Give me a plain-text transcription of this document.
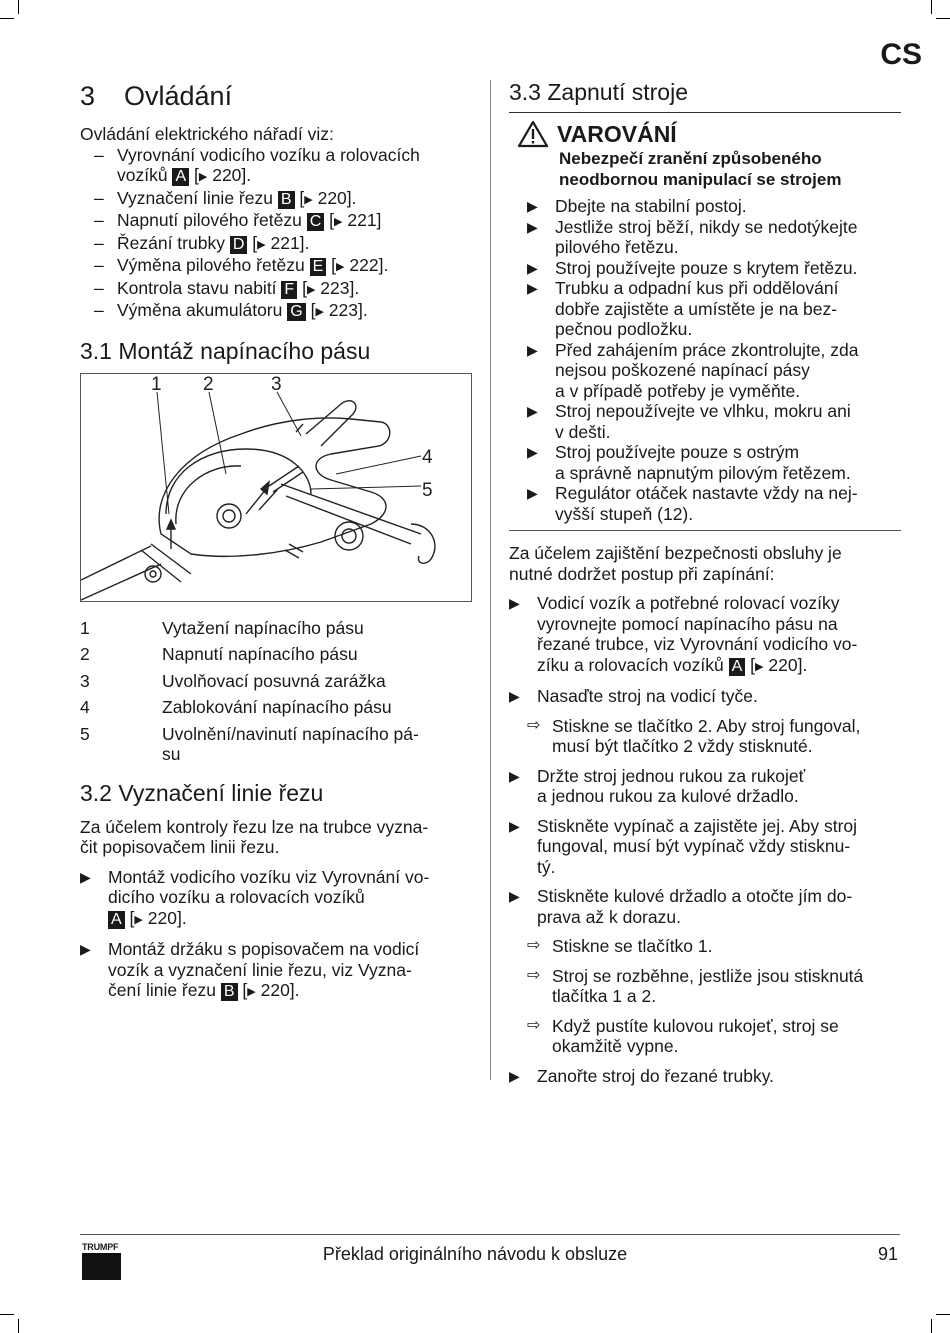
CS
3 Ovládání

Ovládání elektrického nářadí viz:

– Vyrovnání vodicího vozíku a rolovacích
vozíků A [▶ 220].
– Vyznačení linie řezu B [▶ 220].
– Napnutí pilového řetězu C [▶ 221]
– Řezání trubky D [▶ 221].
– Výměna pilového řetězu E [▶ 222].
– Kontrola stavu nabití F [▶ 223].
– Výměna akumulátoru G [▶ 223].
3.1 Montáž napínacího pásu
1 2	3
4
5
1	Vytažení napínacího pásu
2	Napnutí napínacího pásu
3	Uvolňovací posuvná zarážka
4	Zablokování napínacího pásu
5	Uvolnění/navinutí napínacího pá-
su
3.2 Vyznačení linie řezu

Za účelem kontroly řezu lze na trubce vyzna-
čit popisovačem linii řezu.

▶ Montáž vodicího vozíku viz Vyrovnání vo-
dicího vozíku a rolovacích vozíků
A [▶ 220].
▶ Montáž držáku s popisovačem na vodicí
vozík a vyznačení linie řezu, viz Vyzna-
čení linie řezu B [▶ 220].
3.3 Zapnutí stroje
VAROVÁNÍ
Nebezpečí zranění způsobeného
neodbornou manipulací se strojem
▶ Dbejte na stabilní postoj.
▶ Jestliže stroj běží, nikdy se nedotýkejte
pilového řetězu.
▶ Stroj používejte pouze s krytem řetězu.
▶ Trubku a odpadní kus při oddělování
dobře zajistěte a umístěte je na bez-
pečnou podložku.
▶ Před zahájením práce zkontrolujte, zda
nejsou poškozené napínací pásy
a v případě potřeby je vyměňte.
▶ Stroj nepoužívejte ve vlhku, mokru ani
v dešti.
▶ Stroj používejte pouze s ostrým
a správně napnutým pilovým řetězem.
▶ Regulátor otáček nastavte vždy na nej-
vyšší stupeň (12).

Za účelem zajištění bezpečnosti obsluhy je
nutné dodržet postup při zapínání:

▶ Vodicí vozík a potřebné rolovací vozíky
vyrovnejte pomocí napínacího pásu na
řezané trubce, viz Vyrovnání vodicího vo-
zíku a rolovacích vozíků A [▶ 220].
▶ Nasaďte stroj na vodicí tyče.
⇨ Stiskne se tlačítko 2. Aby stroj fungoval,
musí být tlačítko 2 vždy stisknuté.
▶ Držte stroj jednou rukou za rukojeť
a jednou rukou za kulové držadlo.
▶ Stiskněte vypínač a zajistěte jej. Aby stroj
fungoval, musí být vypínač vždy stisknu-
tý.
▶ Stiskněte kulové držadlo a otočte jím do-
prava až k dorazu.
⇨ Stiskne se tlačítko 1.
⇨ Stroj se rozběhne, jestliže jsou stisknutá
tlačítka 1 a 2.
⇨ Když pustíte kulovou rukojeť, stroj se
okamžitě vypne.
▶ Zanořte stroj do řezané trubky.
TRUMPF	Překlad originálního návodu k obsluze	91
